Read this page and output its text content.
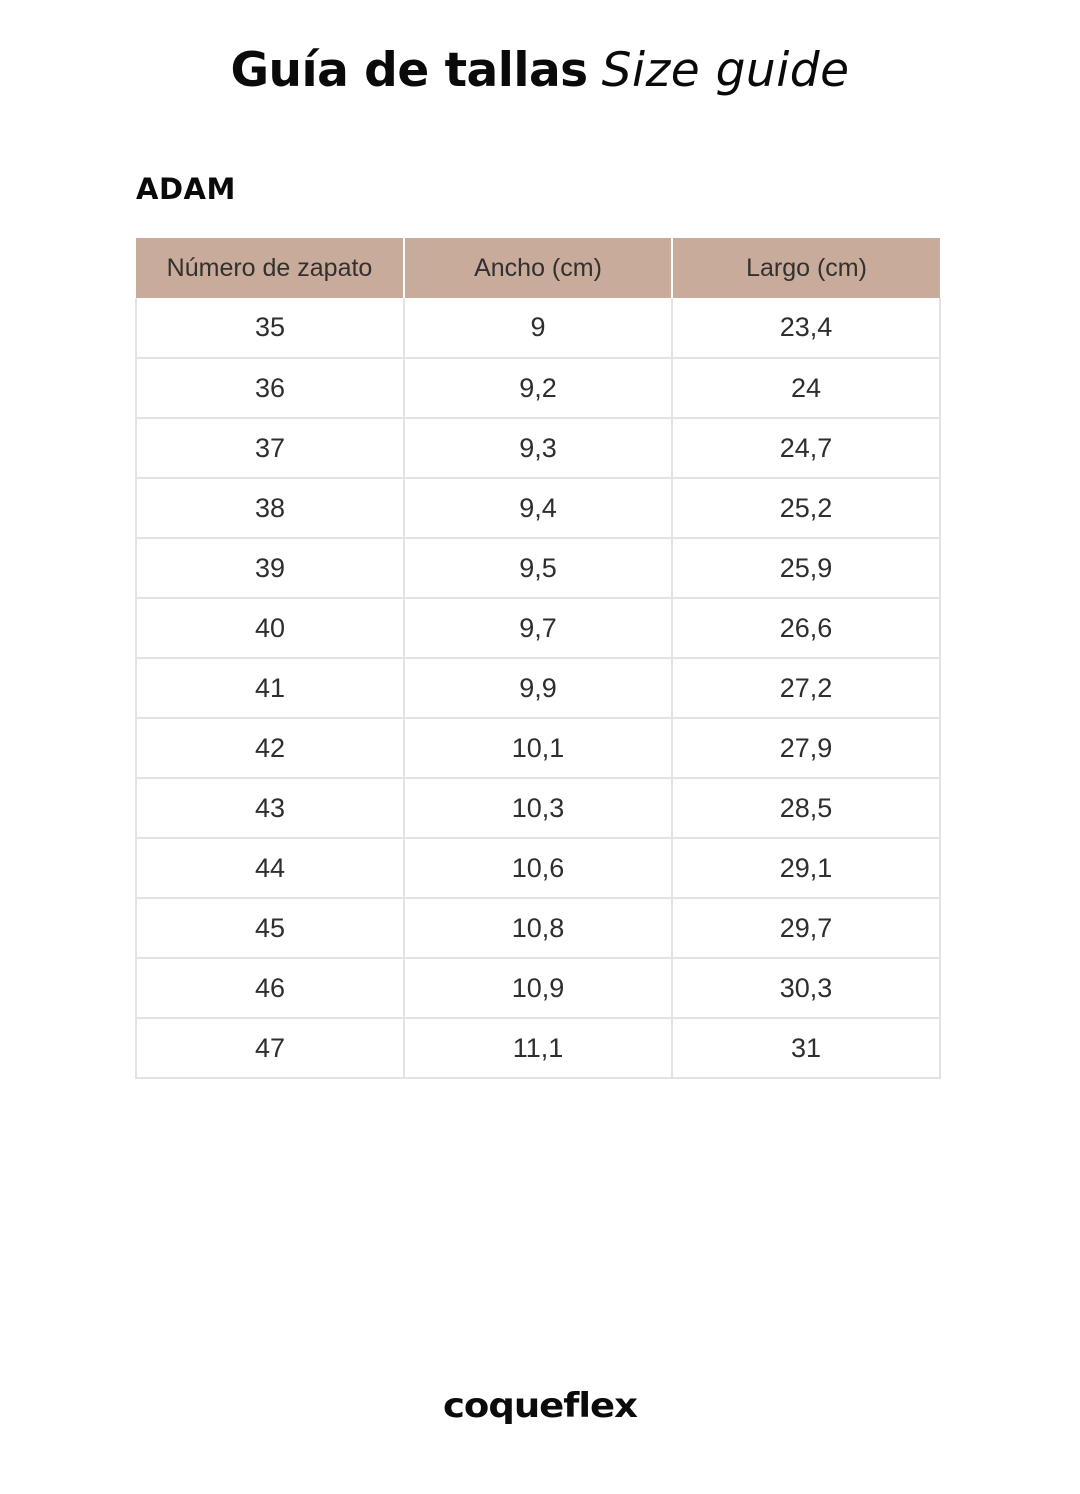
Guía de tallas Size guide
ADAM
Número de zapato	Ancho (cm)	Largo (cm)
35	9	23,4
36	9,2	24
37	9,3	24,7
38	9,4	25,2
39	9,5	25,9
40	9,7	26,6
41	9,9	27,2
42	10,1	27,9
43	10,3	28,5
44	10,6	29,1
45	10,8	29,7
46	10,9	30,3
47	11,1	31
coqueflex
